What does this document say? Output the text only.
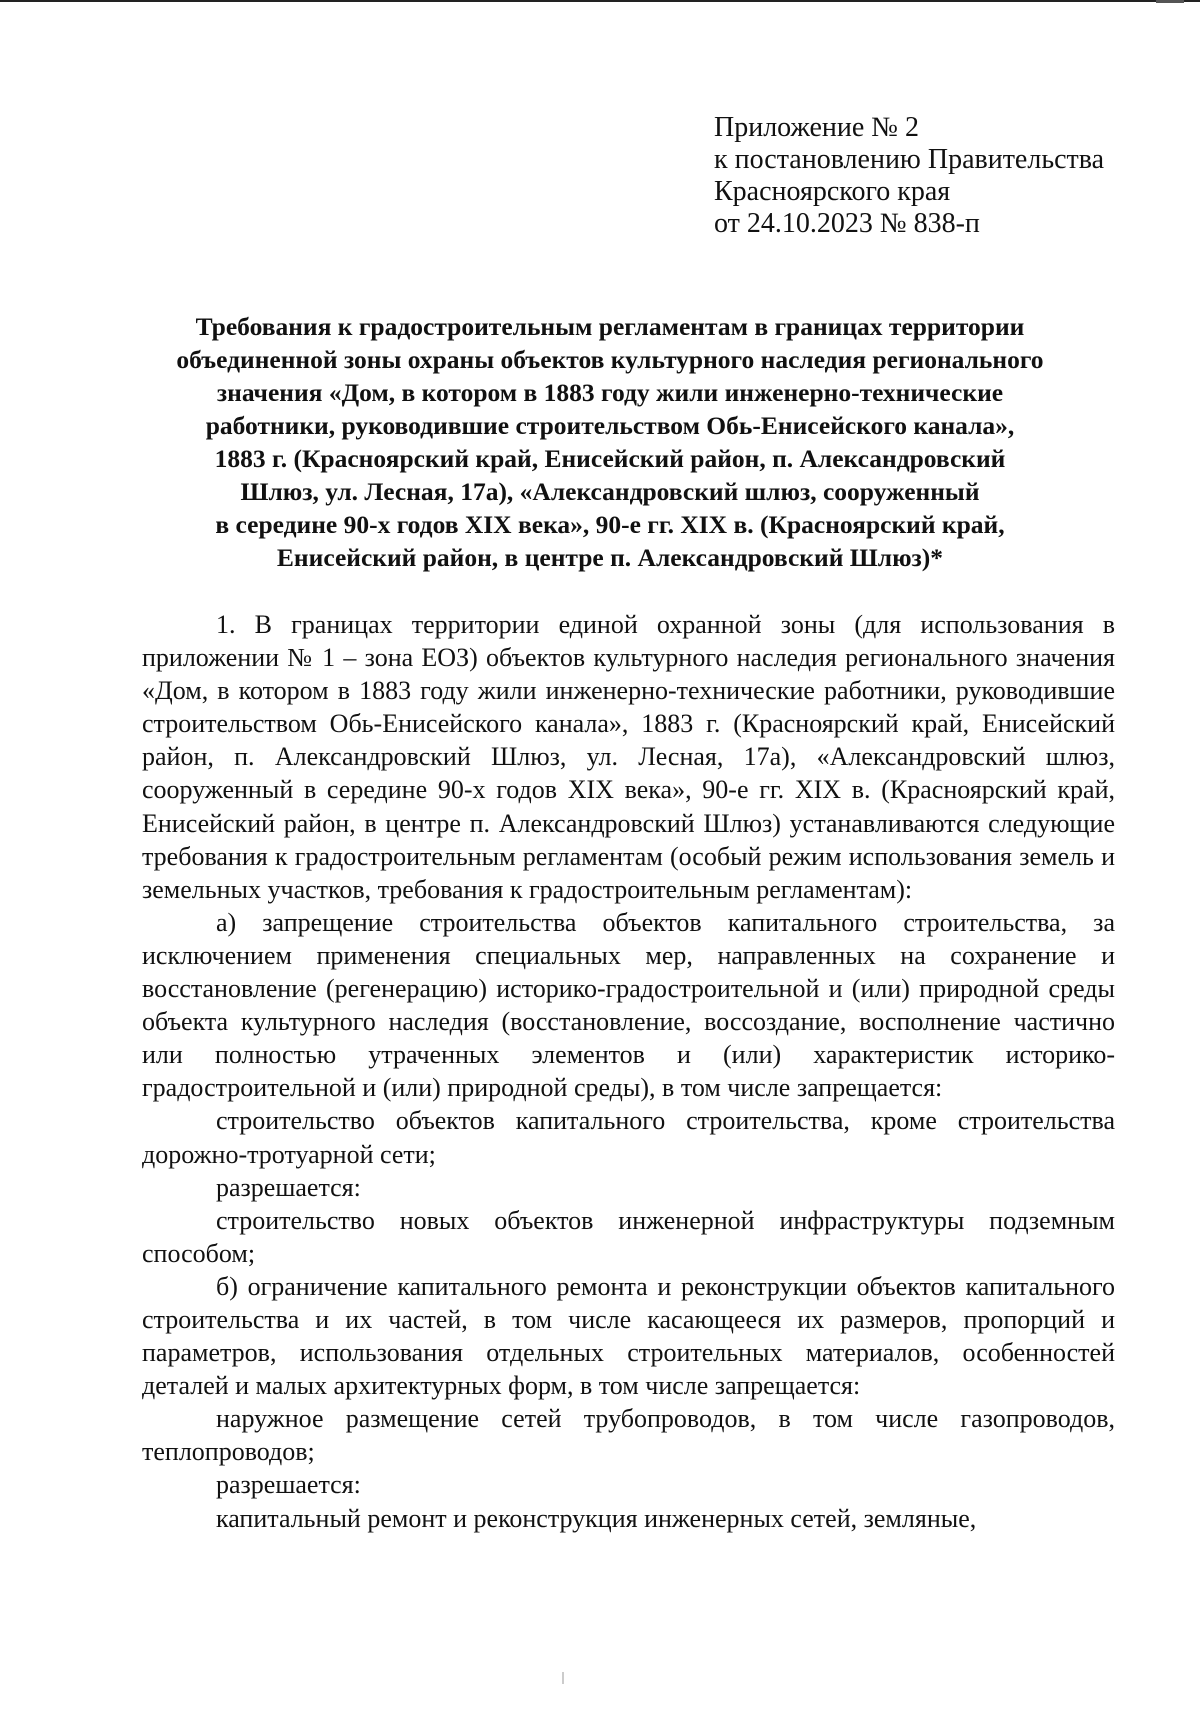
Приложение № 2
к постановлению Правительства
Красноярского края
от 24.10.2023 № 838-п
Требования к градостроительным регламентам в границах территории
объединенной зоны охраны объектов культурного наследия регионального
значения «Дом, в котором в 1883 году жили инженерно-технические
работники, руководившие строительством Обь-Енисейского канала»,
1883 г. (Красноярский край, Енисейский район, п. Александровский
Шлюз, ул. Лесная, 17а), «Александровский шлюз, сооруженный
в середине 90-х годов XIX века», 90-е гг. XIX в. (Красноярский край,
Енисейский район, в центре п. Александровский Шлюз)*

1. В границах территории единой охранной зоны (для использования в приложении № 1 – зона ЕОЗ) объектов культурного наследия регионального значения «Дом, в котором в 1883 году жили инженерно-технические работники, руководившие строительством Обь-Енисейского канала», 1883 г. (Красноярский край, Енисейский район, п. Александровский Шлюз, ул. Лесная, 17а), «Александровский шлюз, сооруженный в середине 90-х годов XIX века», 90-е гг. XIX в. (Красноярский край, Енисейский район, в центре п. Александровский Шлюз) устанавливаются следующие требования к градостроительным регламентам (особый режим использования земель и земельных участков, требования к градостроительным регламентам):

а) запрещение строительства объектов капитального строительства, за исключением применения специальных мер, направленных на сохранение и восстановление (регенерацию) историко-градостроительной и (или) природной среды объекта культурного наследия (восстановление, воссоздание, восполнение частично или полностью утраченных элементов и (или) характеристик историко-градостроительной и (или) природной среды), в том числе запрещается:

строительство объектов капитального строительства, кроме строительства дорожно-тротуарной сети;

разрешается:

строительство новых объектов инженерной инфраструктуры подземным способом;

б) ограничение капитального ремонта и реконструкции объектов капитального строительства и их частей, в том числе касающееся их размеров, пропорций и параметров, использования отдельных строительных материалов, особенностей деталей и малых архитектурных форм, в том числе запрещается:

наружное размещение сетей трубопроводов, в том числе газопроводов, теплопроводов;

разрешается:

капитальный ремонт и реконструкция инженерных сетей, земляные,
